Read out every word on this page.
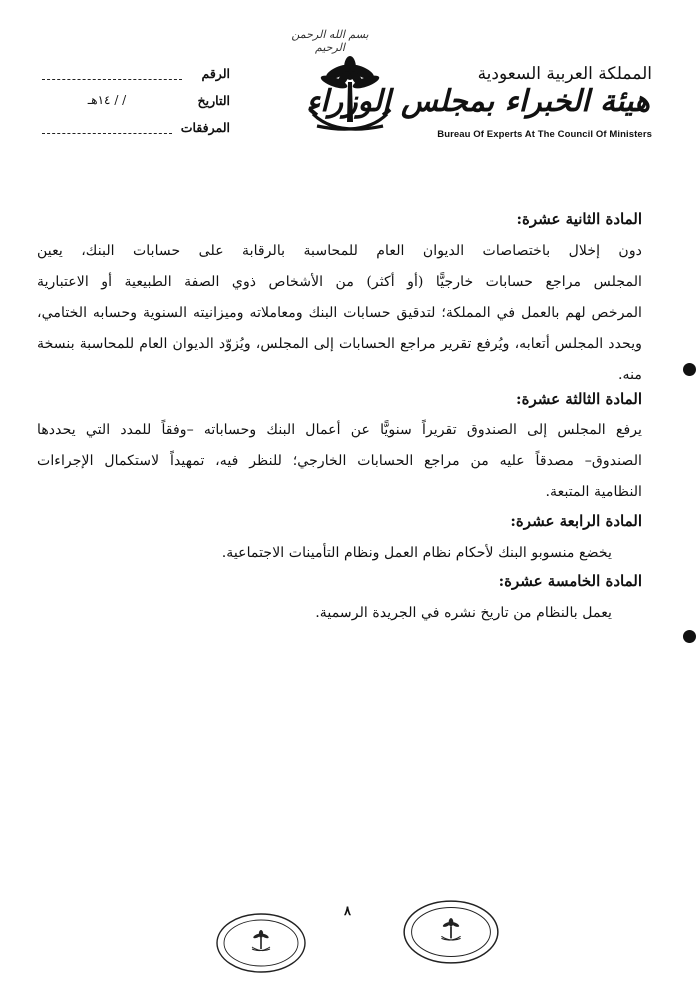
بسم الله الرحمن الرحيم
المملكة العربية السعودية
هيئة الخبراء بمجلس الوزراء
Bureau Of Experts At The Council Of Ministers
الرقم
التاريخ
/ / ١٤هـ
المرفقات
المادة الثانية عشرة:
دون إخلال باختصاصات الديوان العام للمحاسبة بالرقابة على حسابات البنك، يعين
المجلس مراجع حسابات خارجيًّا (أو أكثر) من الأشخاص ذوي الصفة الطبيعية أو الاعتبارية
المرخص لهم بالعمل في المملكة؛ لتدقيق حسابات البنك ومعاملاته وميزانيته السنوية وحسابه الختامي،
ويحدد المجلس أتعابه، ويُرفع تقرير مراجع الحسابات إلى المجلس، ويُزوّد الديوان العام للمحاسبة بنسخة
منه.
المادة الثالثة عشرة:
يرفع المجلس إلى الصندوق تقريراً سنويًّا عن أعمال البنك وحساباته –وفقاً للمدد التي يحددها
الصندوق– مصدقاً عليه من مراجع الحسابات الخارجي؛ للنظر فيه، تمهيداً لاستكمال الإجراءات
النظامية المتبعة.
المادة الرابعة عشرة:
يخضع منسوبو البنك لأحكام نظام العمل ونظام التأمينات الاجتماعية.
المادة الخامسة عشرة:
يعمل بالنظام من تاريخ نشره في الجريدة الرسمية.
٨
